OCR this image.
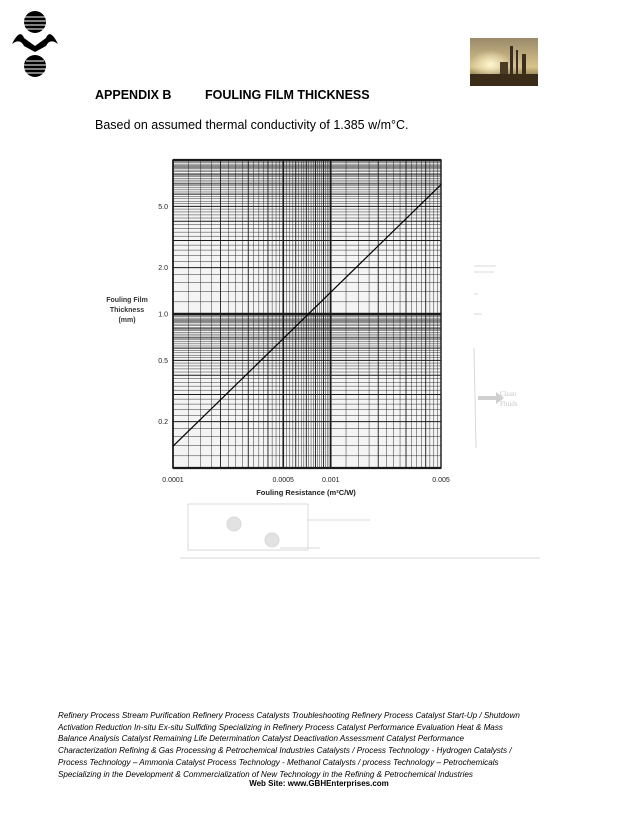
APPENDIX B	FOULING FILM THICKNESS
Based on assumed thermal conductivity of 1.385 w/m°C.
0.0001	0.0005	0.001	0.005
0.2
0.5
1.0
2.0
5.0
Fouling Film
Thickness
(mm)
Fouling Resistance (m²C/W)
Clean
Fluids
Refinery Process Stream Purification Refinery Process Catalysts Troubleshooting Refinery Process Catalyst Start-Up / Shutdown
Activation Reduction In-situ Ex-situ Sulfiding Specializing in Refinery Process Catalyst Performance Evaluation Heat & Mass
Balance Analysis Catalyst Remaining Life Determination Catalyst Deactivation Assessment Catalyst Performance
Characterization Refining & Gas Processing & Petrochemical Industries Catalysts / Process Technology - Hydrogen Catalysts /
Process Technology – Ammonia Catalyst Process Technology - Methanol Catalysts / process Technology – Petrochemicals
Specializing in the Development & Commercialization of New Technology in the Refining & Petrochemical Industries
Web Site: www.GBHEnterprises.com
